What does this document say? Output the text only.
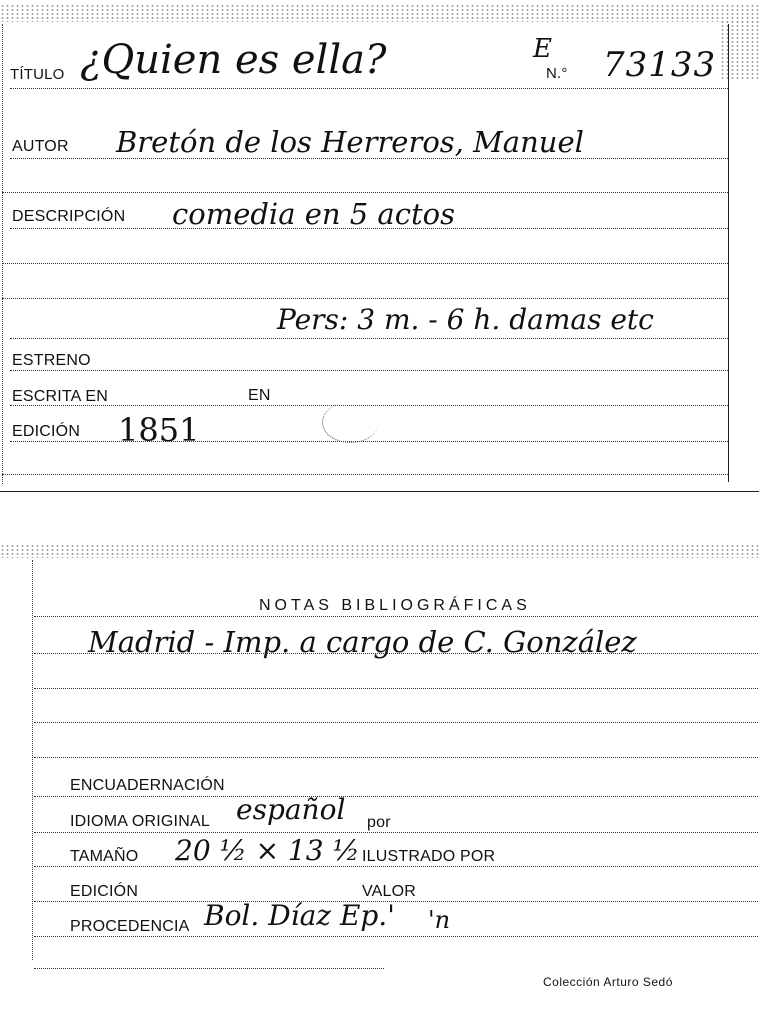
TÍTULO ¿Quien es ella?	E
N.° 73133
AUTOR Bretón de los Herreros, Manuel
DESCRIPCIÓN comedia en 5 actos
Pers: 3 m. - 6 h. damas etc
ESTRENO
ESCRITA EN	EN
EDICIÓN 1851
NOTAS BIBLIOGRÁFICAS
Madrid - Imp. a cargo de C. González
ENCUADERNACIÓN
IDIOMA ORIGINAL español por
TAMAÑO 20 ½ × 13 ½ ILUSTRADO POR
EDICIÓN	VALOR
PROCEDENCIA Bol. Díaz Ep.' 'n
Colección Arturo Sedó
